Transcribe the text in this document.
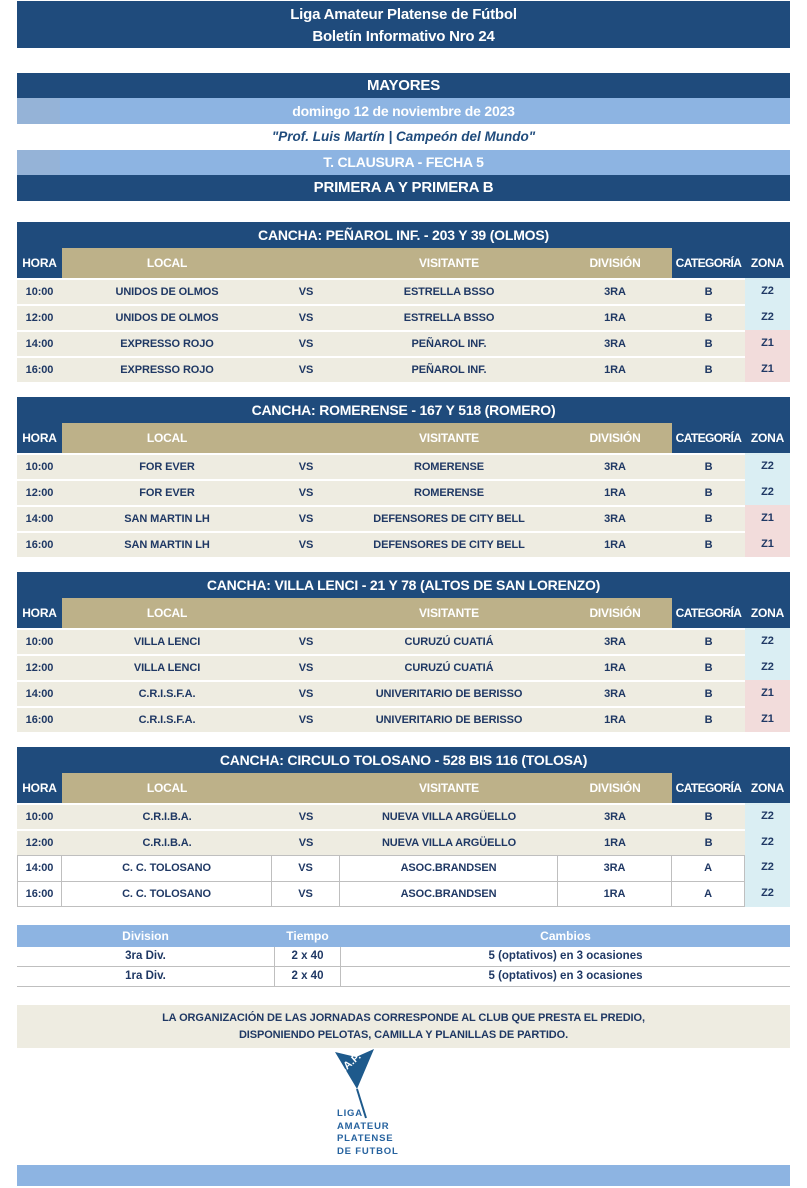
Liga Amateur Platense de Fútbol
Boletín Informativo Nro 24
MAYORES
domingo 12 de noviembre de 2023
"Prof. Luis Martín | Campeón del Mundo"
T. CLAUSURA - FECHA 5
PRIMERA A Y PRIMERA B
CANCHA: PEÑAROL INF. - 203 Y 39 (OLMOS)
HORA	LOCAL	VISITANTE	DIVISIÓN	CATEGORÍA ZONA
10:00	UNIDOS DE OLMOS	VS	ESTRELLA BSSO	3RA	B	Z2
12:00	UNIDOS DE OLMOS	VS	ESTRELLA BSSO	1RA	B	Z2
14:00	EXPRESSO ROJO	VS	PEÑAROL INF.	3RA	B	Z1
16:00	EXPRESSO ROJO	VS	PEÑAROL INF.	1RA	B	Z1
CANCHA: ROMERENSE - 167 Y 518 (ROMERO)
HORA	LOCAL	VISITANTE	DIVISIÓN	CATEGORÍA ZONA
10:00	FOR EVER	VS	ROMERENSE	3RA	B	Z2
12:00	FOR EVER	VS	ROMERENSE	1RA	B	Z2
14:00	SAN MARTIN LH	VS	DEFENSORES DE CITY BELL	3RA	B	Z1
16:00	SAN MARTIN LH	VS	DEFENSORES DE CITY BELL	1RA	B	Z1
CANCHA: VILLA LENCI - 21 Y 78 (ALTOS DE SAN LORENZO)
HORA	LOCAL	VISITANTE	DIVISIÓN	CATEGORÍA ZONA
10:00	VILLA LENCI	VS	CURUZÚ CUATIÁ	3RA	B	Z2
12:00	VILLA LENCI	VS	CURUZÚ CUATIÁ	1RA	B	Z2
14:00	C.R.I.S.F.A.	VS	UNIVERITARIO DE BERISSO	3RA	B	Z1
16:00	C.R.I.S.F.A.	VS	UNIVERITARIO DE BERISSO	1RA	B	Z1
CANCHA: CIRCULO TOLOSANO - 528 BIS 116 (TOLOSA)
HORA	LOCAL	VISITANTE	DIVISIÓN	CATEGORÍA ZONA
10:00	C.R.I.B.A.	VS	NUEVA VILLA ARGÜELLO	3RA	B	Z2
12:00	C.R.I.B.A.	VS	NUEVA VILLA ARGÜELLO	1RA	B	Z2
14:00	C. C. TOLOSANO	VS	ASOC.BRANDSEN	3RA	A	Z2
16:00	C. C. TOLOSANO	VS	ASOC.BRANDSEN	1RA	A	Z2
Division	Tiempo	Cambios
3ra Div.	2 x 40	5 (optativos) en 3 ocasiones
1ra Div.	2 x 40	5 (optativos) en 3 ocasiones
LA ORGANIZACIÓN DE LAS JORNADAS CORRESPONDE AL CLUB QUE PRESTA EL PREDIO,
DISPONIENDO PELOTAS, CAMILLA Y PLANILLAS DE PARTIDO.
L.A.P.
LIGA
AMATEUR
PLATENSE
DE FUTBOL
